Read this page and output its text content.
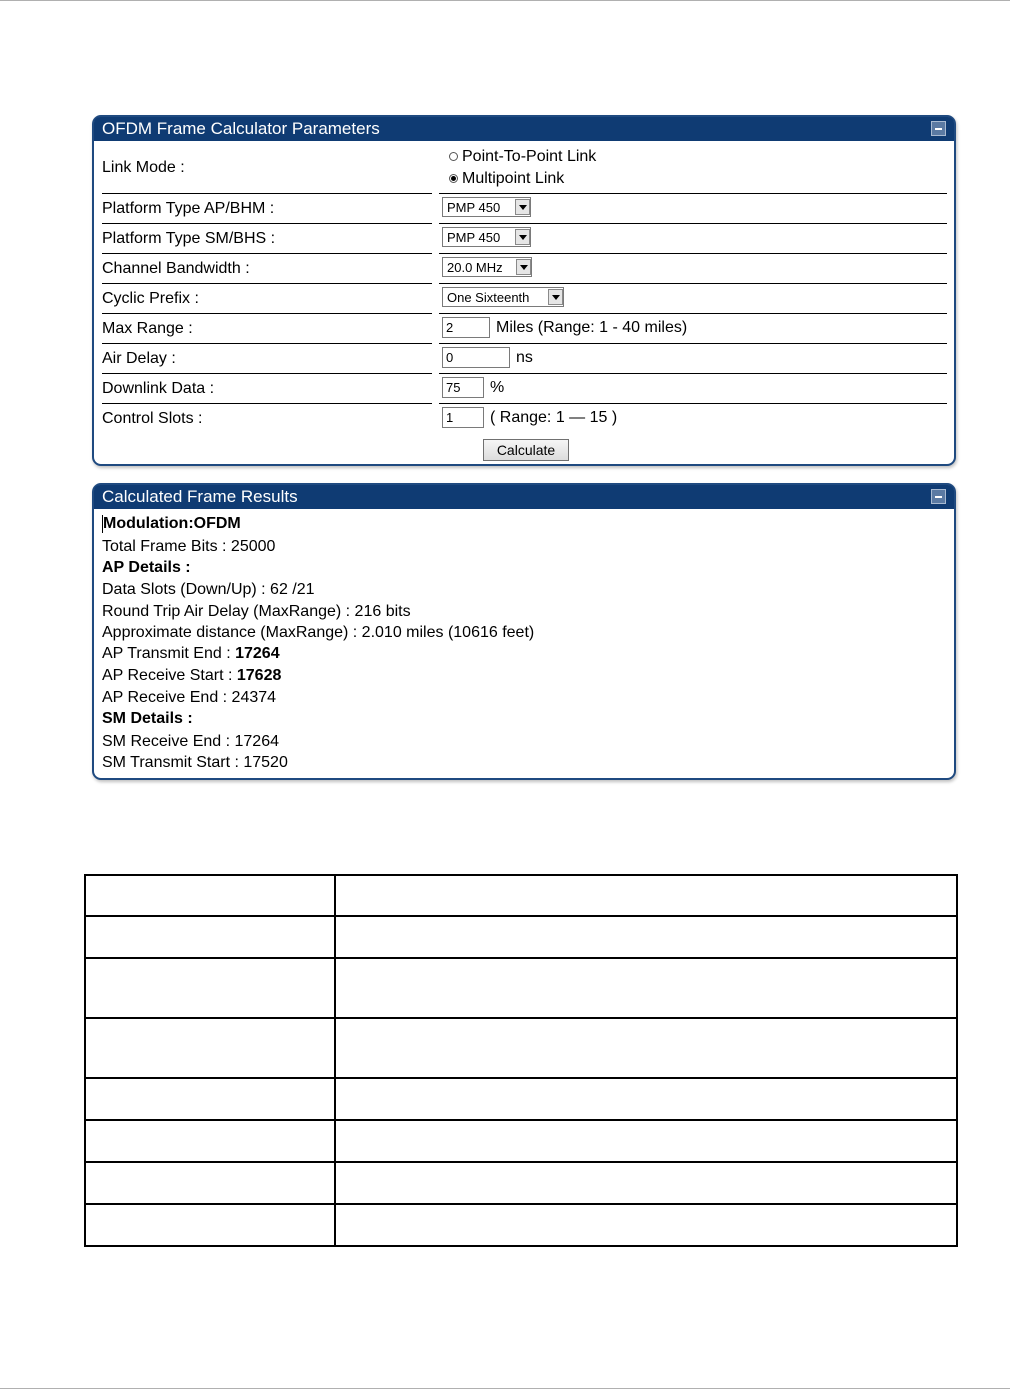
OFDM Frame Calculator Parameters
Link Mode :
Point-To-Point Link
Multipoint Link
Platform Type AP/BHM :	PMP 450
Platform Type SM/BHS :	PMP 450
Channel Bandwidth :	20.0 MHz
Cyclic Prefix :	One Sixteenth
Max Range :	2	Miles (Range: 1 - 40 miles)
Air Delay :	0	ns
Downlink Data :	75	%
Control Slots :	1	( Range: 1 — 15 )
Calculate
Calculated Frame Results
Modulation:OFDM
Total Frame Bits : 25000
AP Details :
Data Slots (Down/Up) : 62 /21
Round Trip Air Delay (MaxRange) : 216 bits
Approximate distance (MaxRange) : 2.010 miles (10616 feet)
AP Transmit End : 17264
AP Receive Start : 17628
AP Receive End : 24374
SM Details :
SM Receive End : 17264
SM Transmit Start : 17520
